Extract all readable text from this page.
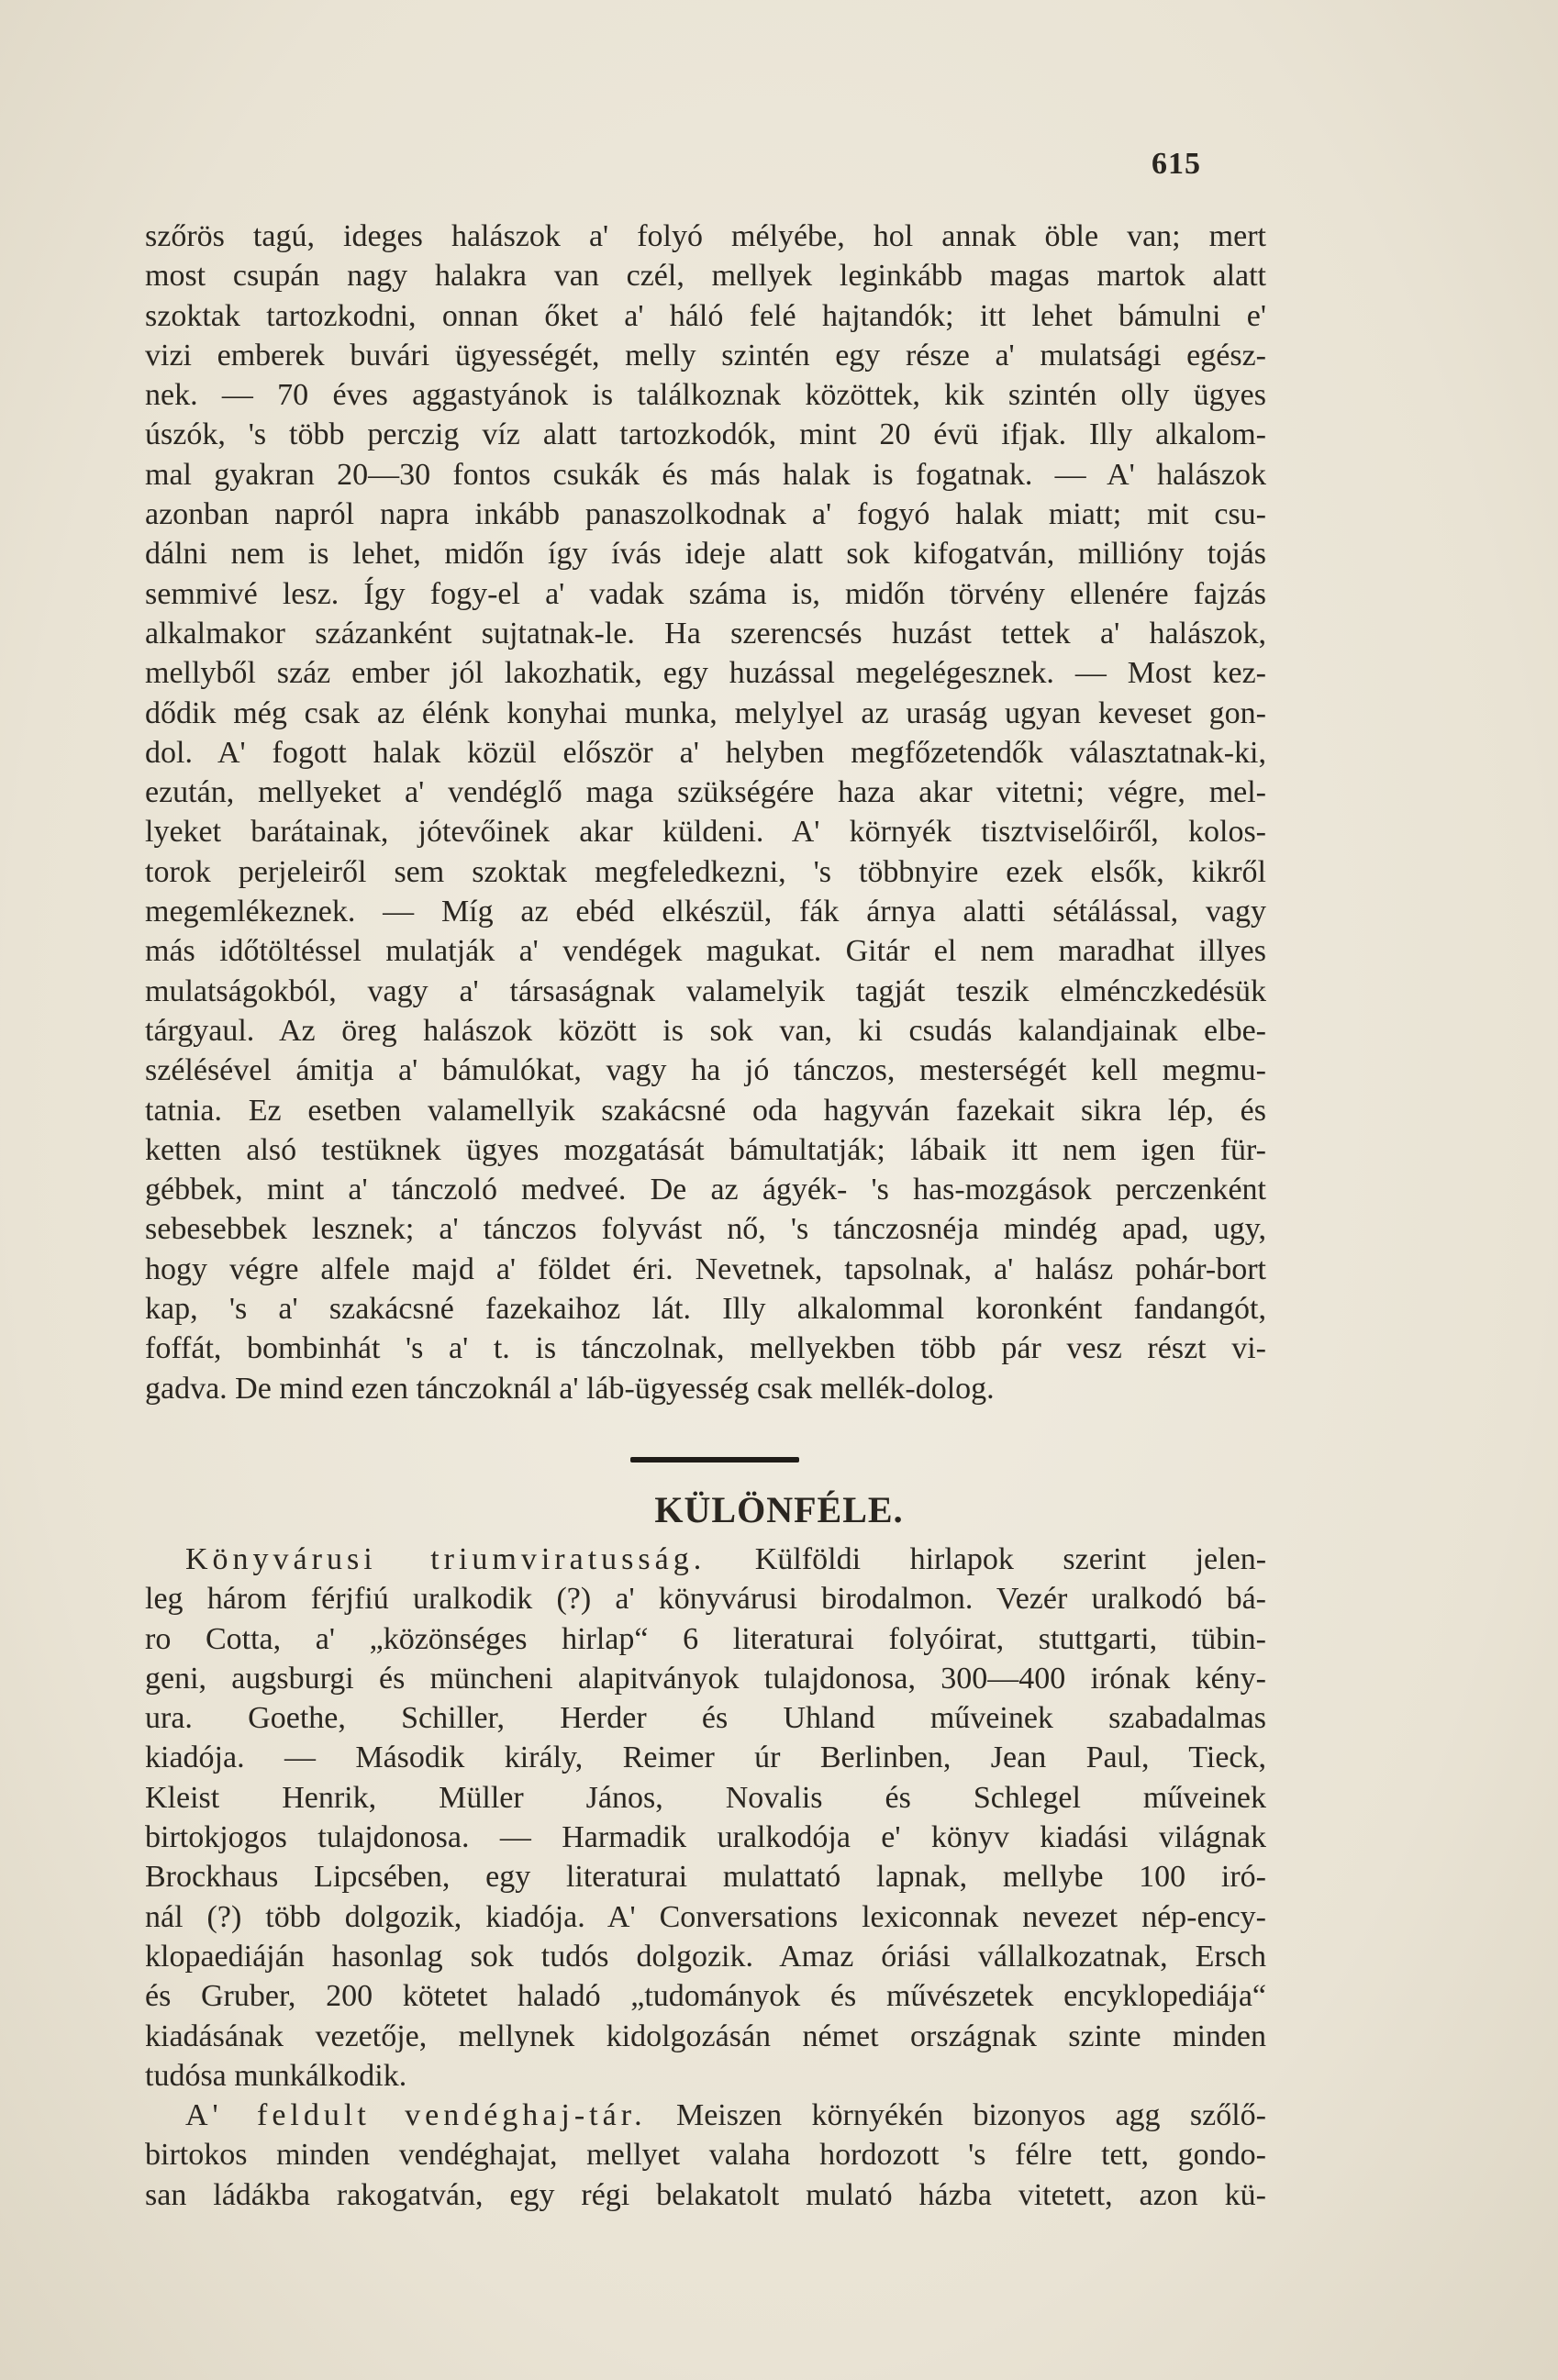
615
szőrös tagú, ideges halászok a' folyó mélyébe, hol annak öble van; mert
most csupán nagy halakra van czél, mellyek leginkább magas martok alatt
szoktak tartozkodni, onnan őket a' háló felé hajtandók; itt lehet bámulni e'
vizi emberek buvári ügyességét, melly szintén egy része a' mulatsági egész-
nek. — 70 éves aggastyánok is találkoznak közöttek, kik szintén olly ügyes
úszók, 's több perczig víz alatt tartozkodók, mint 20 évü ifjak. Illy alkalom-
mal gyakran 20—30 fontos csukák és más halak is fogatnak. — A' halászok
azonban napról napra inkább panaszolkodnak a' fogyó halak miatt; mit csu-
dálni nem is lehet, midőn így ívás ideje alatt sok kifogatván, millióny tojás
semmivé lesz. Így fogy-el a' vadak száma is, midőn törvény ellenére fajzás
alkalmakor százanként sujtatnak-le. Ha szerencsés huzást tettek a' halászok,
mellyből száz ember jól lakozhatik, egy huzással megelégesznek. — Most kez-
dődik még csak az élénk konyhai munka, melylyel az uraság ugyan keveset gon-
dol. A' fogott halak közül először a' helyben megfőzetendők választatnak-ki,
ezután, mellyeket a' vendéglő maga szükségére haza akar vitetni; végre, mel-
lyeket barátainak, jótevőinek akar küldeni. A' környék tisztviselőiről, kolos-
torok perjeleiről sem szoktak megfeledkezni, 's többnyire ezek elsők, kikről
megemlékeznek. — Míg az ebéd elkészül, fák árnya alatti sétálással, vagy
más időtöltéssel mulatják a' vendégek magukat. Gitár el nem maradhat illyes
mulatságokból, vagy a' társaságnak valamelyik tagját teszik elménczkedésük
tárgyaul. Az öreg halászok között is sok van, ki csudás kalandjainak elbe-
szélésével ámitja a' bámulókat, vagy ha jó tánczos, mesterségét kell megmu-
tatnia. Ez esetben valamellyik szakácsné oda hagyván fazekait sikra lép, és
ketten alsó testüknek ügyes mozgatását bámultatják; lábaik itt nem igen für-
gébbek, mint a' tánczoló medveé. De az ágyék- 's has-mozgások perczenként
sebesebbek lesznek; a' tánczos folyvást nő, 's tánczosnéja mindég apad, ugy,
hogy végre alfele majd a' földet éri. Nevetnek, tapsolnak, a' halász pohár-bort
kap, 's a' szakácsné fazekaihoz lát. Illy alkalommal koronként fandangót,
foffát, bombinhát 's a' t. is tánczolnak, mellyekben több pár vesz részt vi-
gadva. De mind ezen tánczoknál a' láb-ügyesség csak mellék-dolog.
KÜLÖNFÉLE.
Könyvárusi triumviratusság. Külföldi hirlapok szerint jelen-
leg három férjfiú uralkodik (?) a' könyvárusi birodalmon. Vezér uralkodó bá-
ro Cotta, a' „közönséges hirlap“ 6 literaturai folyóirat, stuttgarti, tübin-
geni, augsburgi és müncheni alapitványok tulajdonosa, 300—400 irónak kény-
ura. Goethe, Schiller, Herder és Uhland műveinek szabadalmas
kiadója. — Második király, Reimer úr Berlinben, Jean Paul, Tieck,
Kleist Henrik, Müller János, Novalis és Schlegel műveinek
birtokjogos tulajdonosa. — Harmadik uralkodója e' könyv kiadási világnak
Brockhaus Lipcsében, egy literaturai mulattató lapnak, mellybe 100 iró-
nál (?) több dolgozik, kiadója. A' Conversations lexiconnak nevezet nép-ency-
klopaediáján hasonlag sok tudós dolgozik. Amaz óriási vállalkozatnak, Ersch
és Gruber, 200 kötetet haladó „tudományok és művészetek encyklopediája“
kiadásának vezetője, mellynek kidolgozásán német országnak szinte minden
tudósa munkálkodik.
A' feldult vendéghaj-tár. Meiszen környékén bizonyos agg szőlő-
birtokos minden vendéghajat, mellyet valaha hordozott 's félre tett, gondo-
san ládákba rakogatván, egy régi belakatolt mulató házba vitetett, azon kü-
